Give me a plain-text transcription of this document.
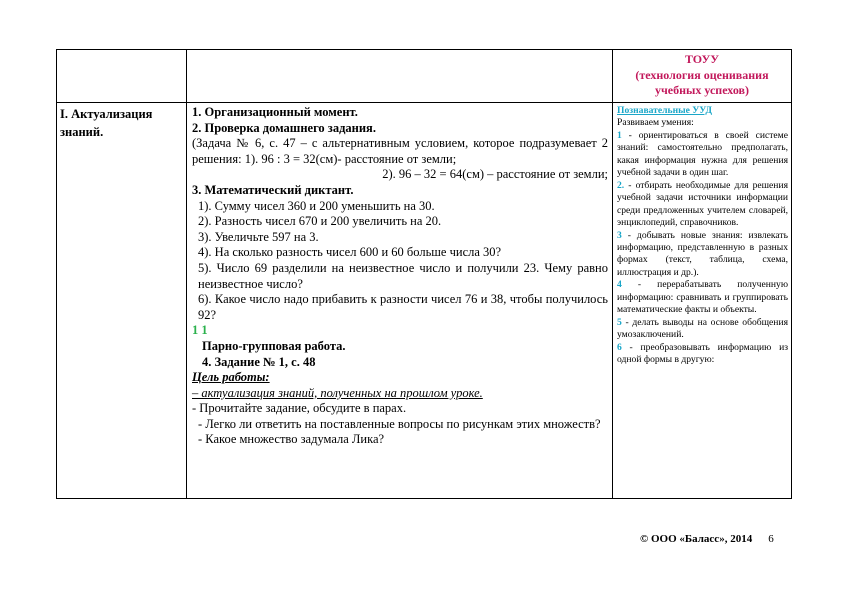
ТОУУ
(технология оценивания учебных успехов)
I. Актуализация знаний.
1. Организационный момент.
2. Проверка домашнего задания.
(Задача № 6, с. 47 – с альтернативным условием, которое подразумевает 2 решения: 1). 96 : 3 = 32(см)- расстояние от земли;
2). 96 – 32 = 64(см) – расстояние от земли;
3. Математический диктант.
1). Сумму чисел 360 и 200 уменьшить на 30.
2). Разность чисел 670 и 200 увеличить на 20.
3). Увеличьте 597 на 3.
4). На сколько разность чисел 600 и 60 больше числа 30?
5). Число 69 разделили на неизвестное число и получили 23. Чему равно неизвестное число?
6). Какое число надо прибавить к разности чисел 76 и 38, чтобы получилось 92?
1 1
Парно-групповая работа.
4. Задание № 1, с. 48
Цель работы:
– актуализация знаний, полученных на прошлом уроке.
- Прочитайте задание, обсудите в парах.
- Легко ли ответить на поставленные вопросы по рисункам этих множеств?
- Какое множество задумала Лика?
Познавательные УУД
Развиваем умения:
1 - ориентироваться в своей системе знаний: самостоятельно предполагать, какая информация нужна для решения учебной задачи в один шаг.
2. - отбирать необходимые для решения учебной задачи источники информации среди предложенных учителем словарей, энциклопедий, справочников.
3 - добывать новые знания: извлекать информацию, представленную в разных формах (текст, таблица, схема, иллюстрация и др.).
4 - перерабатывать полученную информацию: сравнивать и группировать математические факты и объекты.
5 - делать выводы на основе обобщения умозаключений.
6 - преобразовывать информацию из одной формы в другую:
© ООО «Баласс», 2014 6
